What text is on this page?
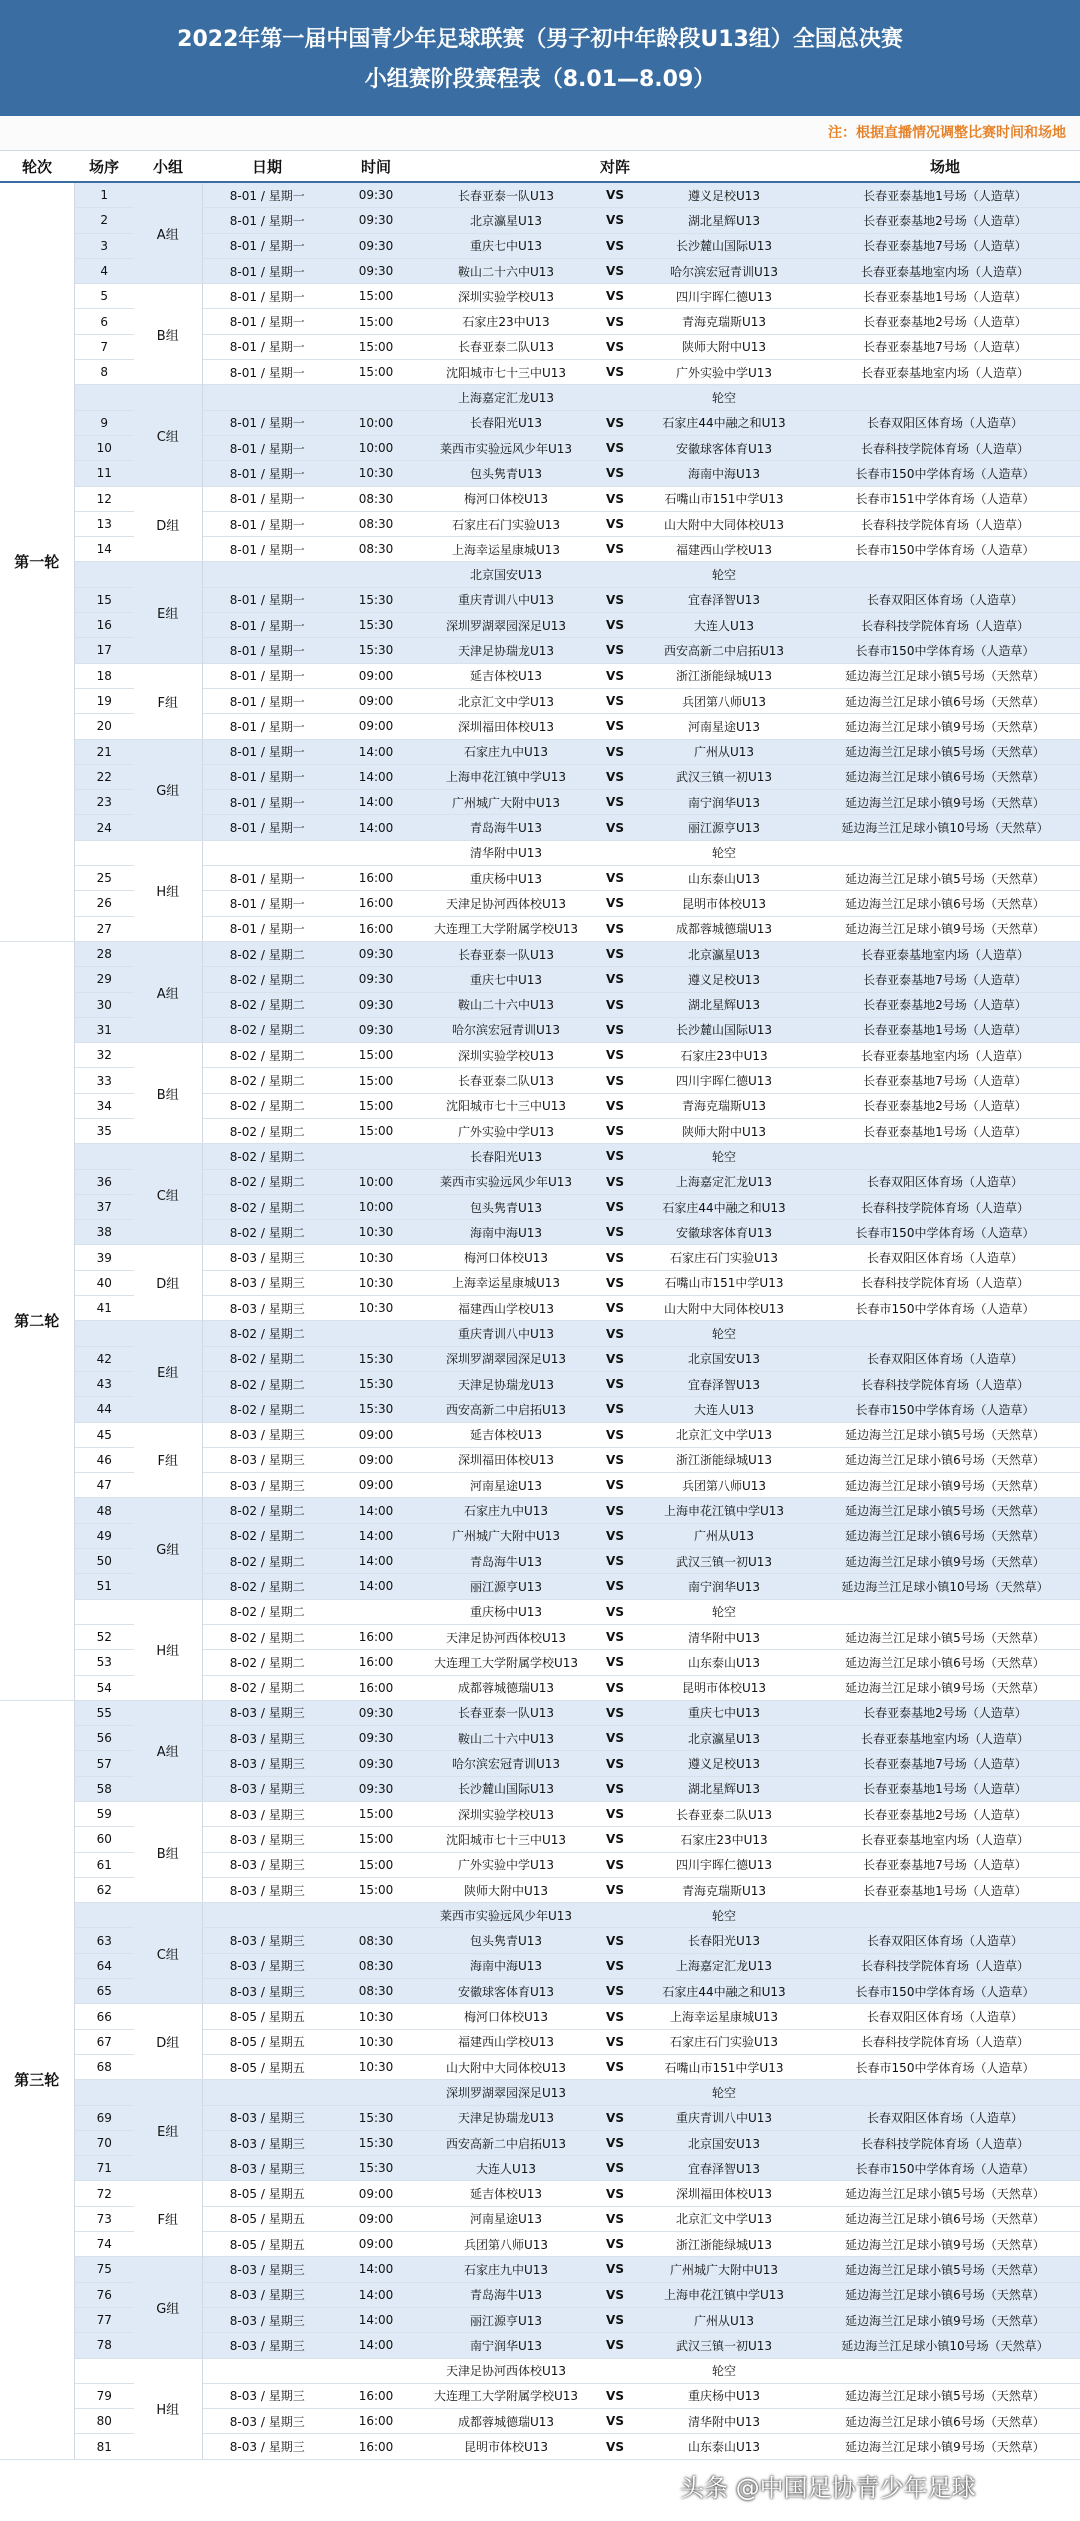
2022年第一届中国青少年足球联赛（男子初中年龄段U13组）全国总决赛
小组赛阶段赛程表（8.01—8.09）
注：根据直播情况调整比赛时间和场地
轮次	场序	小组	日期	时间	对阵			场地
第一轮	1	A组	8-01 / 星期一	09:30	长春亚泰一队U13	VS	遵义足校U13	长春亚泰基地1号场（人造草）
	2		8-01 / 星期一	09:30	北京瀛星U13	VS	湖北星辉U13	长春亚泰基地2号场（人造草）
	3		8-01 / 星期一	09:30	重庆七中U13	VS	长沙麓山国际U13	长春亚泰基地7号场（人造草）
	4		8-01 / 星期一	09:30	鞍山二十六中U13	VS	哈尔滨宏冠青训U13	长春亚泰基地室内场（人造草）
	5	B组	8-01 / 星期一	15:00	深圳实验学校U13	VS	四川宇晖仁德U13	长春亚泰基地1号场（人造草）
	6		8-01 / 星期一	15:00	石家庄23中U13	VS	青海克瑞斯U13	长春亚泰基地2号场（人造草）
	7		8-01 / 星期一	15:00	长春亚泰二队U13	VS	陕师大附中U13	长春亚泰基地7号场（人造草）
	8		8-01 / 星期一	15:00	沈阳城市七十三中U13	VS	广外实验中学U13	长春亚泰基地室内场（人造草）
		C组			上海嘉定汇龙U13		轮空	
	9		8-01 / 星期一	10:00	长春阳光U13	VS	石家庄44中融之和U13	长春双阳区体育场（人造草）
	10		8-01 / 星期一	10:00	莱西市实验远风少年U13	VS	安徽球客体育U13	长春科技学院体育场（人造草）
	11		8-01 / 星期一	10:30	包头隽青U13	VS	海南中海U13	长春市150中学体育场（人造草）
	12	D组	8-01 / 星期一	08:30	梅河口体校U13	VS	石嘴山市151中学U13	长春市151中学体育场（人造草）
	13		8-01 / 星期一	08:30	石家庄石门实验U13	VS	山大附中大同体校U13	长春科技学院体育场（人造草）
	14		8-01 / 星期一	08:30	上海幸运星康城U13	VS	福建西山学校U13	长春市150中学体育场（人造草）
		E组			北京国安U13		轮空	
	15		8-01 / 星期一	15:30	重庆青训八中U13	VS	宜春泽智U13	长春双阳区体育场（人造草）
	16		8-01 / 星期一	15:30	深圳罗湖翠园深足U13	VS	大连人U13	长春科技学院体育场（人造草）
	17		8-01 / 星期一	15:30	天津足协瑞龙U13	VS	西安高新二中启拓U13	长春市150中学体育场（人造草）
	18	F组	8-01 / 星期一	09:00	延吉体校U13	VS	浙江浙能绿城U13	延边海兰江足球小镇5号场（天然草）
	19		8-01 / 星期一	09:00	北京汇文中学U13	VS	兵团第八师U13	延边海兰江足球小镇6号场（天然草）
	20		8-01 / 星期一	09:00	深圳福田体校U13	VS	河南星途U13	延边海兰江足球小镇9号场（天然草）
	21	G组	8-01 / 星期一	14:00	石家庄九中U13	VS	广州从U13	延边海兰江足球小镇5号场（天然草）
	22		8-01 / 星期一	14:00	上海申花江镇中学U13	VS	武汉三镇一初U13	延边海兰江足球小镇6号场（天然草）
	23		8-01 / 星期一	14:00	广州城广大附中U13	VS	南宁润华U13	延边海兰江足球小镇9号场（天然草）
	24		8-01 / 星期一	14:00	青岛海牛U13	VS	丽江源亨U13	延边海兰江足球小镇10号场（天然草）
		H组			清华附中U13		轮空	
	25		8-01 / 星期一	16:00	重庆杨中U13	VS	山东泰山U13	延边海兰江足球小镇5号场（天然草）
	26		8-01 / 星期一	16:00	天津足协河西体校U13	VS	昆明市体校U13	延边海兰江足球小镇6号场（天然草）
	27		8-01 / 星期一	16:00	大连理工大学附属学校U13	VS	成都蓉城德瑞U13	延边海兰江足球小镇9号场（天然草）
第二轮	28	A组	8-02 / 星期二	09:30	长春亚泰一队U13	VS	北京瀛星U13	长春亚泰基地室内场（人造草）
	29		8-02 / 星期二	09:30	重庆七中U13	VS	遵义足校U13	长春亚泰基地7号场（人造草）
	30		8-02 / 星期二	09:30	鞍山二十六中U13	VS	湖北星辉U13	长春亚泰基地2号场（人造草）
	31		8-02 / 星期二	09:30	哈尔滨宏冠青训U13	VS	长沙麓山国际U13	长春亚泰基地1号场（人造草）
	32	B组	8-02 / 星期二	15:00	深圳实验学校U13	VS	石家庄23中U13	长春亚泰基地室内场（人造草）
	33		8-02 / 星期二	15:00	长春亚泰二队U13	VS	四川宇晖仁德U13	长春亚泰基地7号场（人造草）
	34		8-02 / 星期二	15:00	沈阳城市七十三中U13	VS	青海克瑞斯U13	长春亚泰基地2号场（人造草）
	35		8-02 / 星期二	15:00	广外实验中学U13	VS	陕师大附中U13	长春亚泰基地1号场（人造草）
		C组	8-02 / 星期二		长春阳光U13	VS	轮空	
	36		8-02 / 星期二	10:00	莱西市实验远风少年U13	VS	上海嘉定汇龙U13	长春双阳区体育场（人造草）
	37		8-02 / 星期二	10:00	包头隽青U13	VS	石家庄44中融之和U13	长春科技学院体育场（人造草）
	38		8-02 / 星期二	10:30	海南中海U13	VS	安徽球客体育U13	长春市150中学体育场（人造草）
	39	D组	8-03 / 星期三	10:30	梅河口体校U13	VS	石家庄石门实验U13	长春双阳区体育场（人造草）
	40		8-03 / 星期三	10:30	上海幸运星康城U13	VS	石嘴山市151中学U13	长春科技学院体育场（人造草）
	41		8-03 / 星期三	10:30	福建西山学校U13	VS	山大附中大同体校U13	长春市150中学体育场（人造草）
		E组	8-02 / 星期二		重庆青训八中U13	VS	轮空	
	42		8-02 / 星期二	15:30	深圳罗湖翠园深足U13	VS	北京国安U13	长春双阳区体育场（人造草）
	43		8-02 / 星期二	15:30	天津足协瑞龙U13	VS	宜春泽智U13	长春科技学院体育场（人造草）
	44		8-02 / 星期二	15:30	西安高新二中启拓U13	VS	大连人U13	长春市150中学体育场（人造草）
	45	F组	8-03 / 星期三	09:00	延吉体校U13	VS	北京汇文中学U13	延边海兰江足球小镇5号场（天然草）
	46		8-03 / 星期三	09:00	深圳福田体校U13	VS	浙江浙能绿城U13	延边海兰江足球小镇6号场（天然草）
	47		8-03 / 星期三	09:00	河南星途U13	VS	兵团第八师U13	延边海兰江足球小镇9号场（天然草）
	48	G组	8-02 / 星期二	14:00	石家庄九中U13	VS	上海申花江镇中学U13	延边海兰江足球小镇5号场（天然草）
	49		8-02 / 星期二	14:00	广州城广大附中U13	VS	广州从U13	延边海兰江足球小镇6号场（天然草）
	50		8-02 / 星期二	14:00	青岛海牛U13	VS	武汉三镇一初U13	延边海兰江足球小镇9号场（天然草）
	51		8-02 / 星期二	14:00	丽江源亨U13	VS	南宁润华U13	延边海兰江足球小镇10号场（天然草）
		H组	8-02 / 星期二		重庆杨中U13	VS	轮空	
	52		8-02 / 星期二	16:00	天津足协河西体校U13	VS	清华附中U13	延边海兰江足球小镇5号场（天然草）
	53		8-02 / 星期二	16:00	大连理工大学附属学校U13	VS	山东泰山U13	延边海兰江足球小镇6号场（天然草）
	54		8-02 / 星期二	16:00	成都蓉城德瑞U13	VS	昆明市体校U13	延边海兰江足球小镇9号场（天然草）
第三轮	55	A组	8-03 / 星期三	09:30	长春亚泰一队U13	VS	重庆七中U13	长春亚泰基地2号场（人造草）
	56		8-03 / 星期三	09:30	鞍山二十六中U13	VS	北京瀛星U13	长春亚泰基地室内场（人造草）
	57		8-03 / 星期三	09:30	哈尔滨宏冠青训U13	VS	遵义足校U13	长春亚泰基地7号场（人造草）
	58		8-03 / 星期三	09:30	长沙麓山国际U13	VS	湖北星辉U13	长春亚泰基地1号场（人造草）
	59	B组	8-03 / 星期三	15:00	深圳实验学校U13	VS	长春亚泰二队U13	长春亚泰基地2号场（人造草）
	60		8-03 / 星期三	15:00	沈阳城市七十三中U13	VS	石家庄23中U13	长春亚泰基地室内场（人造草）
	61		8-03 / 星期三	15:00	广外实验中学U13	VS	四川宇晖仁德U13	长春亚泰基地7号场（人造草）
	62		8-03 / 星期三	15:00	陕师大附中U13	VS	青海克瑞斯U13	长春亚泰基地1号场（人造草）
		C组			莱西市实验远风少年U13		轮空	
	63		8-03 / 星期三	08:30	包头隽青U13	VS	长春阳光U13	长春双阳区体育场（人造草）
	64		8-03 / 星期三	08:30	海南中海U13	VS	上海嘉定汇龙U13	长春科技学院体育场（人造草）
	65		8-03 / 星期三	08:30	安徽球客体育U13	VS	石家庄44中融之和U13	长春市150中学体育场（人造草）
	66	D组	8-05 / 星期五	10:30	梅河口体校U13	VS	上海幸运星康城U13	长春双阳区体育场（人造草）
	67		8-05 / 星期五	10:30	福建西山学校U13	VS	石家庄石门实验U13	长春科技学院体育场（人造草）
	68		8-05 / 星期五	10:30	山大附中大同体校U13	VS	石嘴山市151中学U13	长春市150中学体育场（人造草）
		E组			深圳罗湖翠园深足U13		轮空	
	69		8-03 / 星期三	15:30	天津足协瑞龙U13	VS	重庆青训八中U13	长春双阳区体育场（人造草）
	70		8-03 / 星期三	15:30	西安高新二中启拓U13	VS	北京国安U13	长春科技学院体育场（人造草）
	71		8-03 / 星期三	15:30	大连人U13	VS	宜春泽智U13	长春市150中学体育场（人造草）
	72	F组	8-05 / 星期五	09:00	延吉体校U13	VS	深圳福田体校U13	延边海兰江足球小镇5号场（天然草）
	73		8-05 / 星期五	09:00	河南星途U13	VS	北京汇文中学U13	延边海兰江足球小镇6号场（天然草）
	74		8-05 / 星期五	09:00	兵团第八师U13	VS	浙江浙能绿城U13	延边海兰江足球小镇9号场（天然草）
	75	G组	8-03 / 星期三	14:00	石家庄九中U13	VS	广州城广大附中U13	延边海兰江足球小镇5号场（天然草）
	76		8-03 / 星期三	14:00	青岛海牛U13	VS	上海申花江镇中学U13	延边海兰江足球小镇6号场（天然草）
	77		8-03 / 星期三	14:00	丽江源亨U13	VS	广州从U13	延边海兰江足球小镇9号场（天然草）
	78		8-03 / 星期三	14:00	南宁润华U13	VS	武汉三镇一初U13	延边海兰江足球小镇10号场（天然草）
		H组			天津足协河西体校U13		轮空	
	79		8-03 / 星期三	16:00	大连理工大学附属学校U13	VS	重庆杨中U13	延边海兰江足球小镇5号场（天然草）
	80		8-03 / 星期三	16:00	成都蓉城德瑞U13	VS	清华附中U13	延边海兰江足球小镇6号场（天然草）
	81		8-03 / 星期三	16:00	昆明市体校U13	VS	山东泰山U13	延边海兰江足球小镇9号场（天然草）
头条 @中国足协青少年足球
